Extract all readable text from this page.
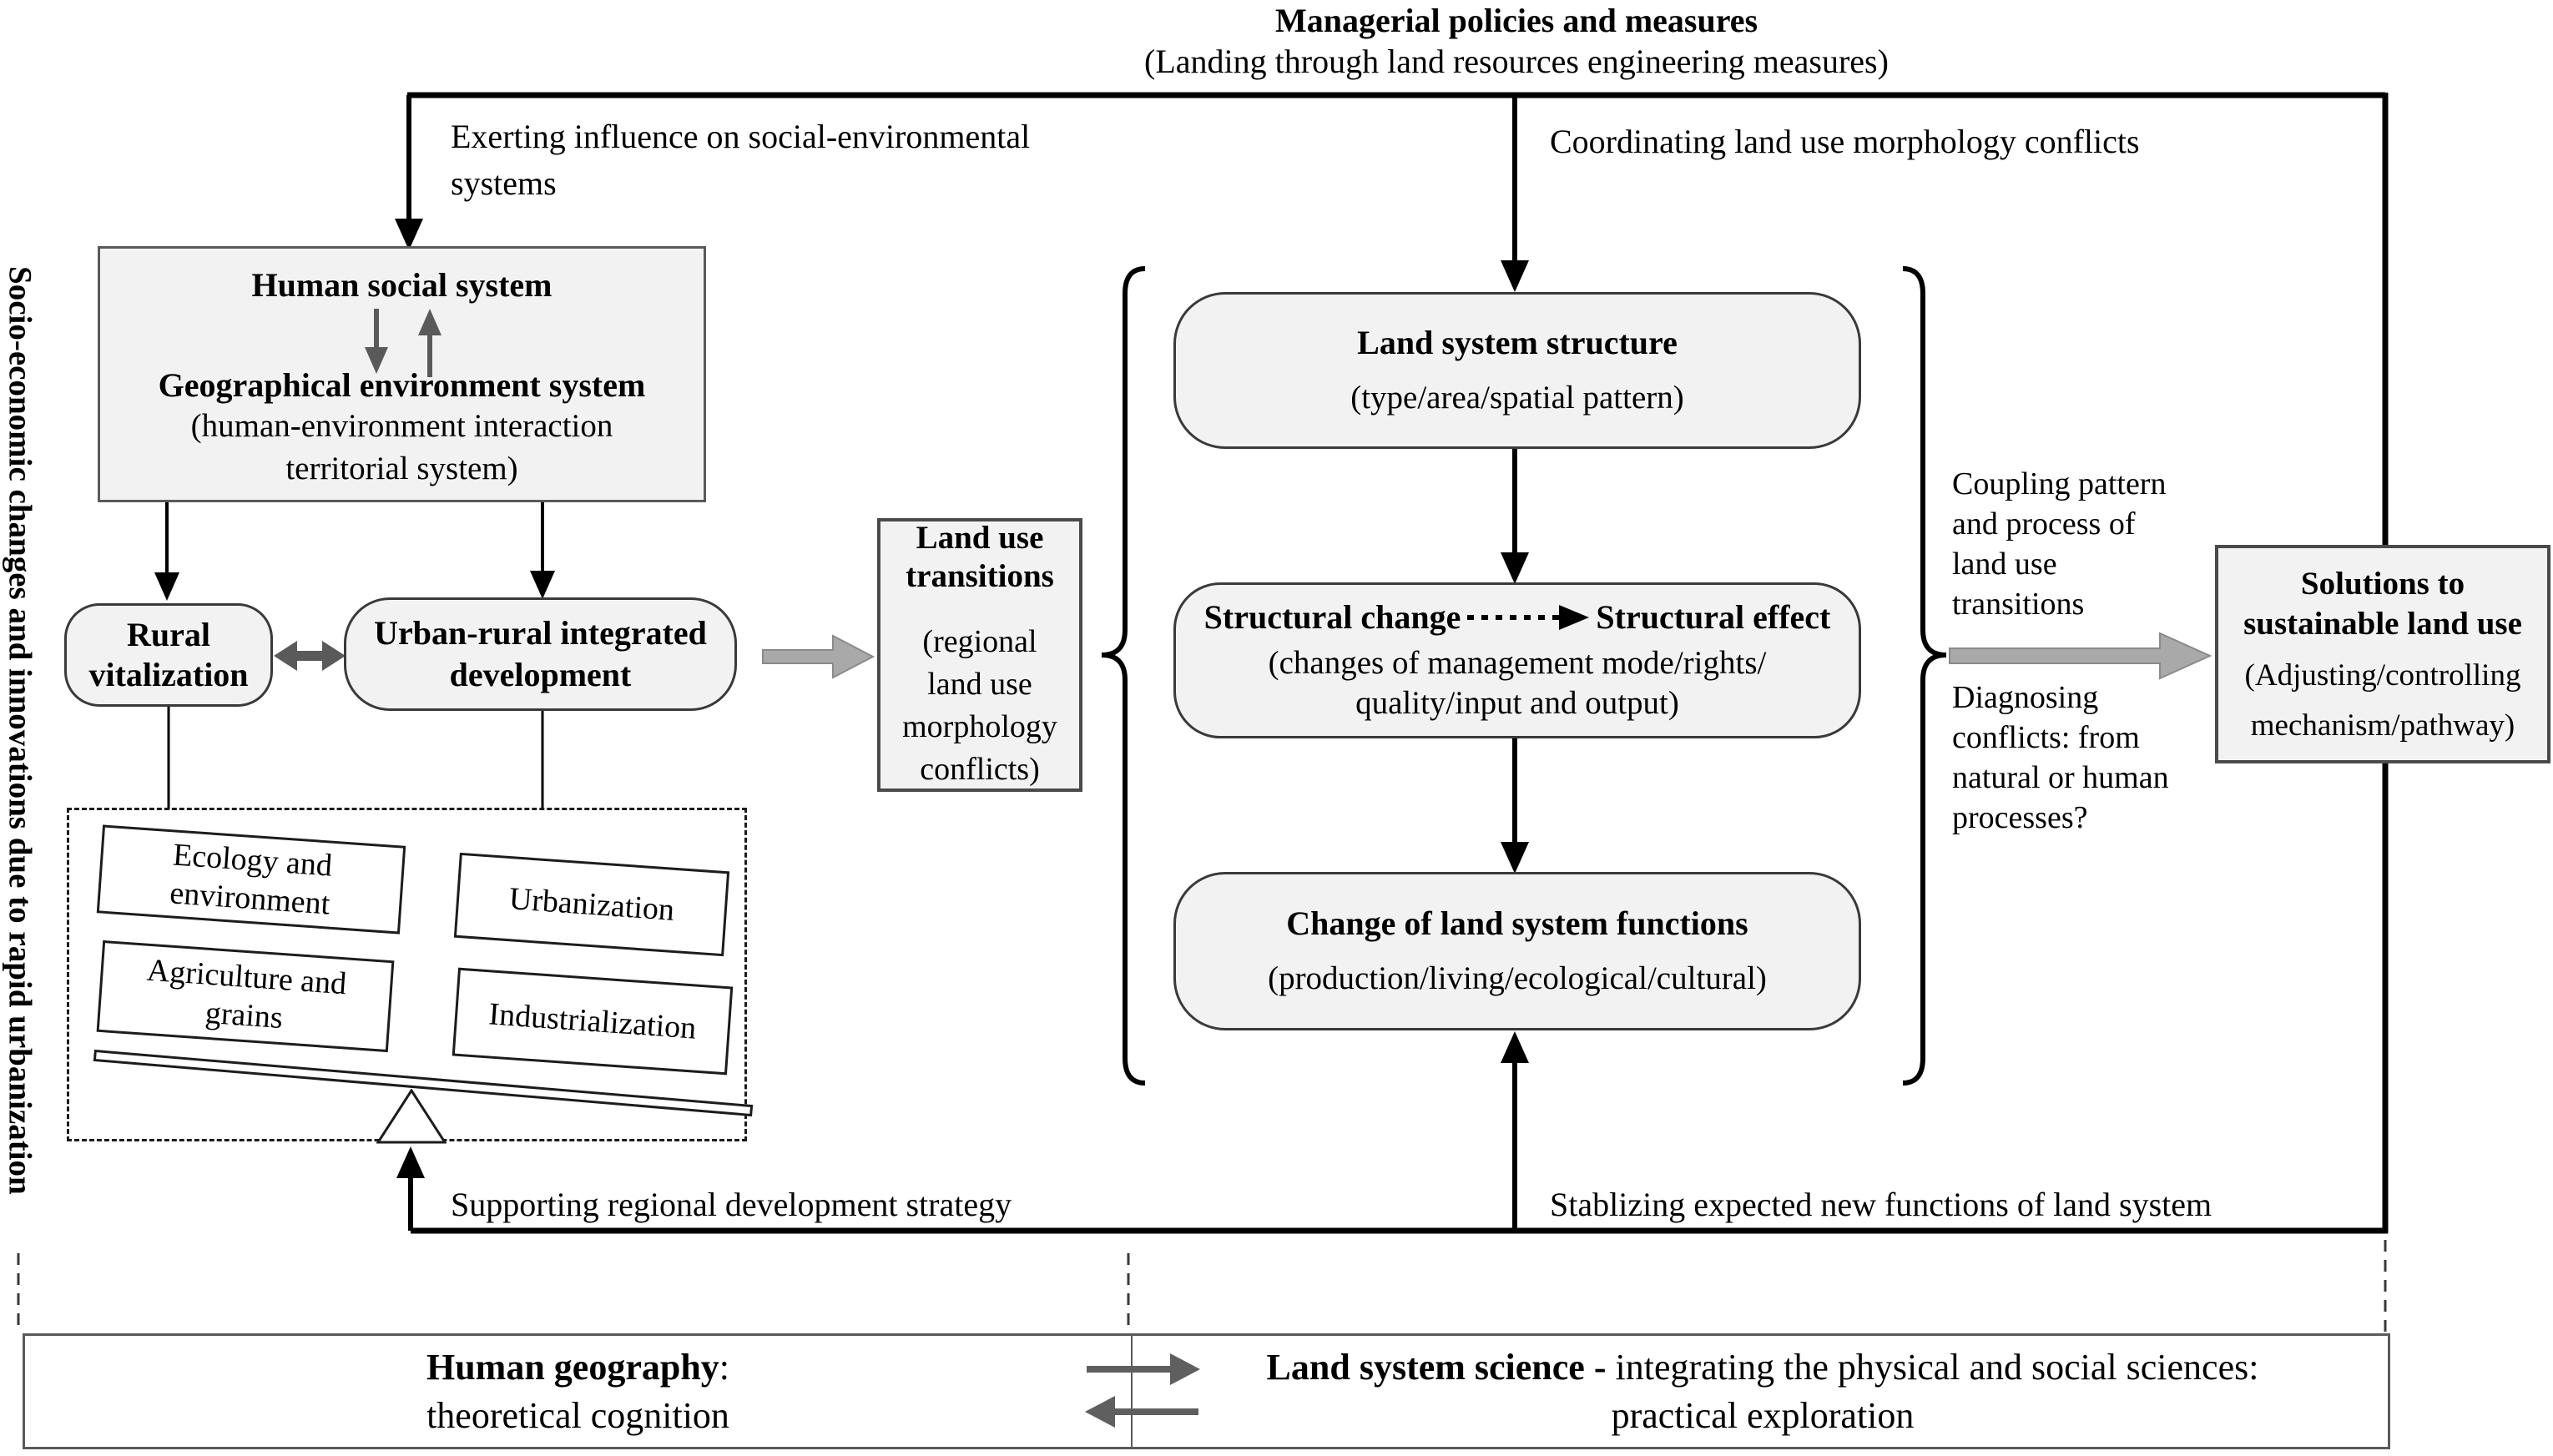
Socio-economic changes and innovations due to rapid urbanization
Managerial policies and measures
(Landing through land resources engineering measures)
Exerting influence on social-environmental
systems
Coordinating land use morphology conflicts
Supporting regional development strategy	Stablizing expected new functions of land system
Human social system
Geographical environment system
(human-environment interaction
territorial system)
Rural
vitalization
Urban-rural integrated
development
Land use
transitions
(regional
land use
morphology
conflicts)
Land system structure
(type/area/spatial pattern)
Structural change	Structural effect
(changes of management mode/rights/
quality/input and output)
Change of land system functions
(production/living/ecological/cultural)
Coupling pattern
and process of
land use
transitions
Diagnosing
conflicts: from
natural or human
processes?
Solutions to
sustainable land use
(Adjusting/controlling
mechanism/pathway)
Ecology and
environment	Urbanization
Agriculture and
grains	Industrialization
Human geography:
theoretical cognition
Land system science - integrating the physical and social sciences:
practical exploration
